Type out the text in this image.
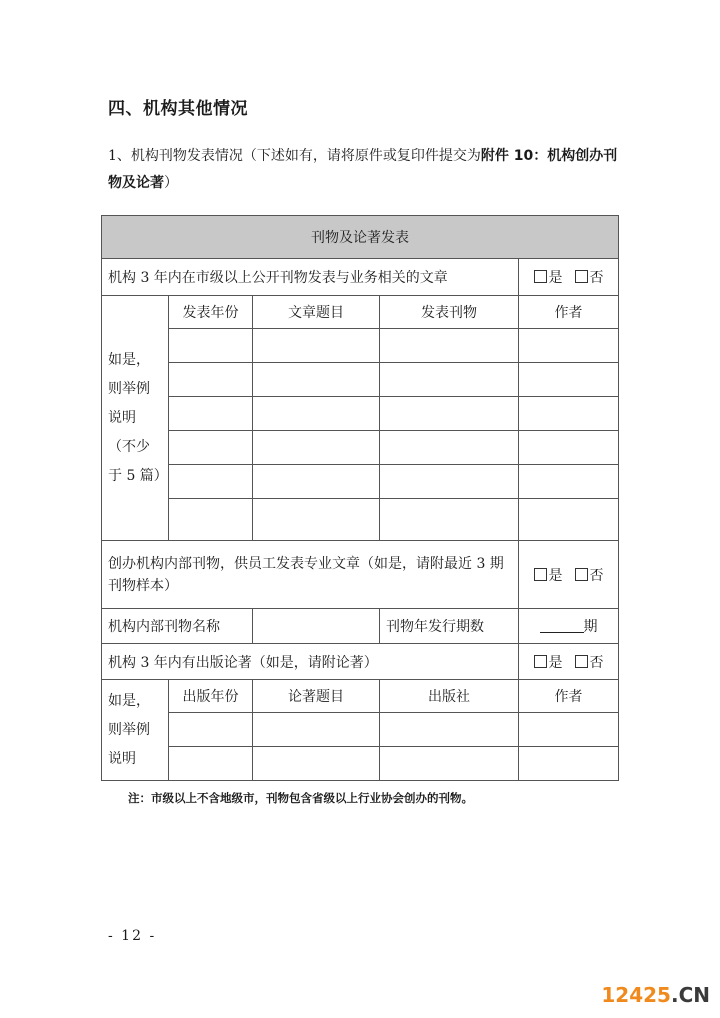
四、机构其他情况
1、机构刊物发表情况（下述如有，请将原件或复印件提交为附件 10：机构创办刊物及论著）
刊物及论著发表				
机构 3 年内在市级以上公开刊物发表与业务相关的文章				是 否
如是，则举例说明（不少于 5 篇）	发表年份	文章题目	发表刊物	作者

创办机构内部刊物，供员工发表专业文章（如是，请附最近 3 期刊物样本）				是 否
机构内部刊物名称			刊物年发行期数	期
机构 3 年内有出版论著（如是，请附论著）				是 否
如是，则举例说明	出版年份	论著题目	出版社	作者

注：市级以上不含地级市，刊物包含省级以上行业协会创办的刊物。
- 12 -
12425.CN
